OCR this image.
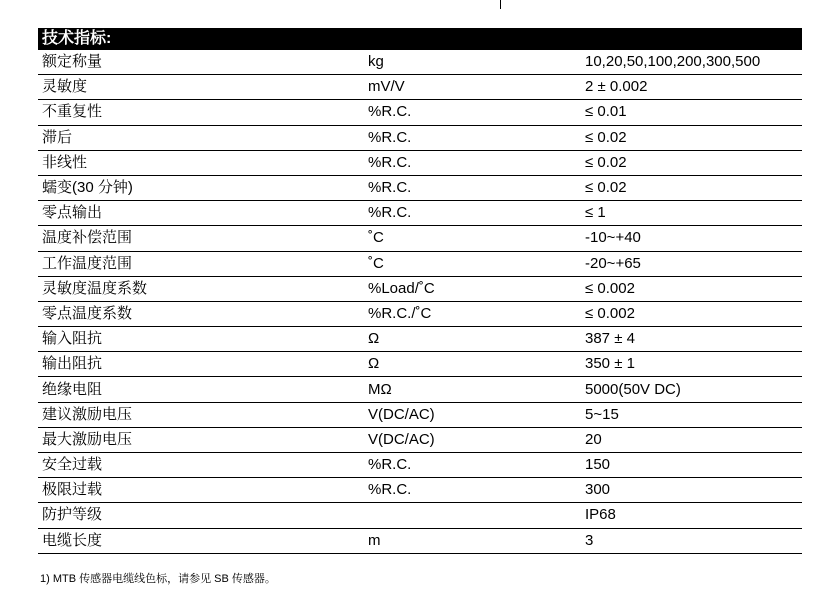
技术指标:
额定称量	kg	10,20,50,100,200,300,500
灵敏度	mV/V	2 ± 0.002
不重复性	%R.C.	≤ 0.01
滞后	%R.C.	≤ 0.02
非线性	%R.C.	≤ 0.02
蠕变(30 分钟)	%R.C.	≤ 0.02
零点输出	%R.C.	≤ 1
温度补偿范围	˚C	-10~+40
工作温度范围	˚C	-20~+65
灵敏度温度系数	%Load/˚C	≤ 0.002
零点温度系数	%R.C./˚C	≤ 0.002
输入阻抗	Ω	387 ± 4
输出阻抗	Ω	350 ± 1
绝缘电阻	MΩ	5000(50V DC)
建议激励电压	V(DC/AC)	5~15
最大激励电压	V(DC/AC)	20
安全过载	%R.C.	150
极限过载	%R.C.	300
防护等级		IP68
电缆长度	m	3
1) MTB 传感器电缆线色标，请参见 SB 传感器。
